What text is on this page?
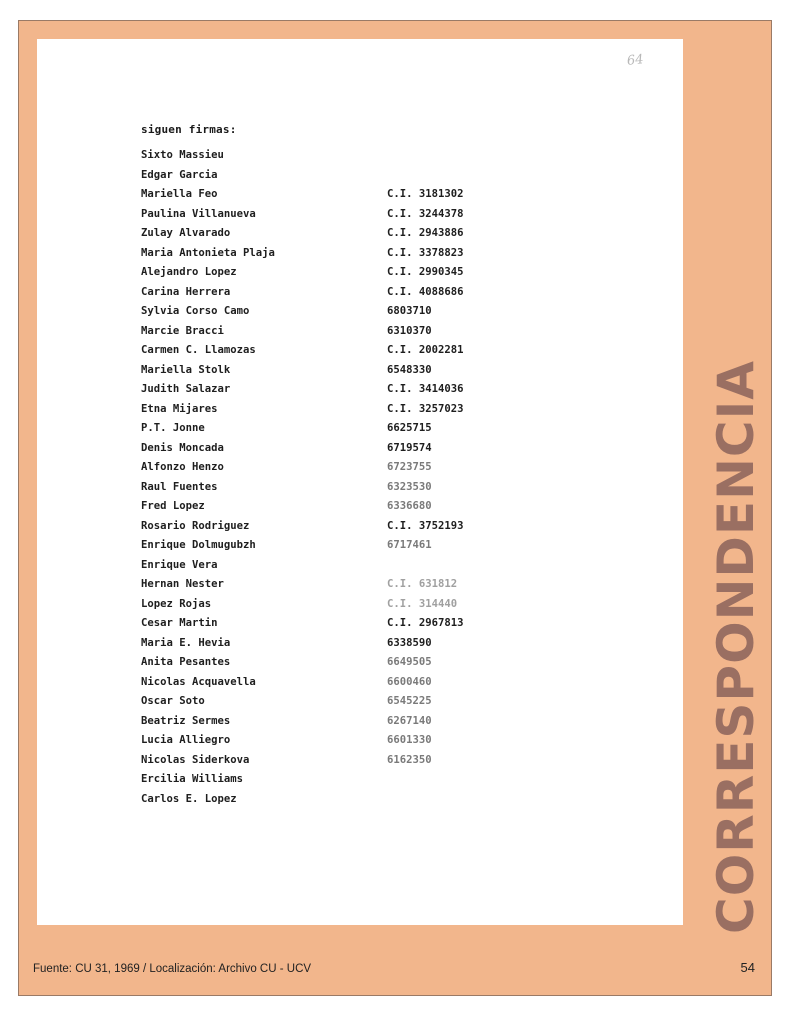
64
siguen firmas:
Sixto Massieu
Edgar Garcia
Mariella Feo	C.I. 3181302
Paulina Villanueva	C.I. 3244378
Zulay Alvarado	C.I. 2943886
Maria Antonieta Plaja	C.I. 3378823
Alejandro Lopez	C.I. 2990345
Carina Herrera	C.I. 4088686
Sylvia Corso Camo	6803710
Marcie Bracci	6310370
Carmen C. Llamozas	C.I. 2002281
Mariella Stolk	6548330
Judith Salazar	C.I. 3414036
Etna Mijares	C.I. 3257023
P.T. Jonne	6625715
Denis Moncada	6719574
Alfonzo Henzo	6723755
Raul Fuentes	6323530
Fred Lopez	6336680
Rosario Rodriguez	C.I. 3752193
Enrique Dolmugubzh	6717461
Enrique Vera
Hernan Nester	C.I. 631812
Lopez Rojas	C.I. 314440
Cesar Martin	C.I. 2967813
Maria E. Hevia	6338590
Anita Pesantes	6649505
Nicolas Acquavella	6600460
Oscar Soto	6545225
Beatriz Sermes	6267140
Lucia Alliegro	6601330
Nicolas Siderkova	6162350
Ercilia Williams
Carlos E. Lopez	CORRESPONDENCIA
Fuente: CU 31, 1969 / Localización: Archivo CU - UCV	54
